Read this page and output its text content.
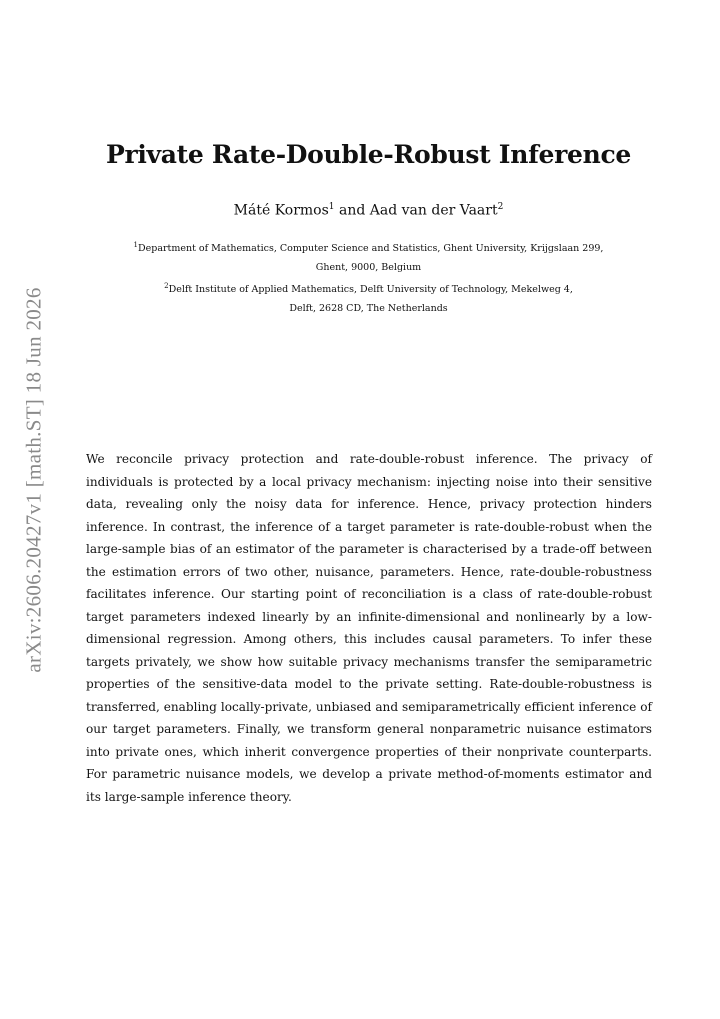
arXiv:2606.20427v1 [math.ST] 18 Jun 2026
Private Rate-Double-Robust Inference
Máté Kormos$^1$ and Aad van der Vaart$^2$
$^1$Department of Mathematics, Computer Science and Statistics, Ghent University, Krijgslaan 299,
Ghent, 9000, Belgium
$^2$Delft Institute of Applied Mathematics, Delft University of Technology, Mekelweg 4,
Delft, 2628 CD, The Netherlands

We reconcile privacy protection and rate-double-robust inference. The privacy of individuals is protected by a local privacy mechanism: injecting noise into their sensitive data, revealing only the noisy data for inference. Hence, privacy protection hinders inference. In contrast, the inference of a target parameter is rate-double-robust when the large-sample bias of an estimator of the parameter is characterised by a trade-off between the estimation errors of two other, nuisance, parameters. Hence, rate-double-robustness facilitates inference. Our starting point of reconciliation is a class of rate-double-robust target parameters indexed linearly by an infinite-dimensional and nonlinearly by a low-dimensional regression. Among others, this includes causal parameters. To infer these targets privately, we show how suitable privacy mechanisms transfer the semiparametric properties of the sensitive-data model to the private setting. Rate-double-robustness is transferred, enabling locally-private, unbiased and semiparametrically efficient inference of our target parameters. Finally, we transform general nonparametric nuisance estimators into private ones, which inherit convergence properties of their nonprivate counterparts. For parametric nuisance models, we develop a private method-of-moments estimator and its large-sample inference theory.
